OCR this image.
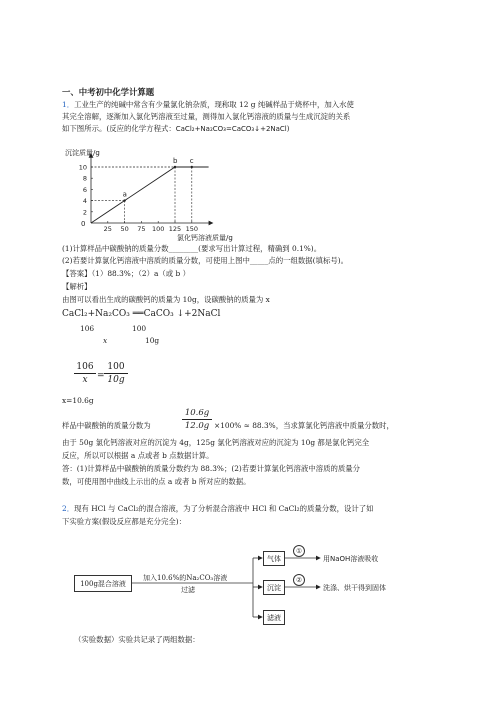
一、中考初中化学计算题
1．工业生产的纯碱中常含有少量氯化钠杂质，现称取 12 g 纯碱样品于烧杯中，加入水使
其完全溶解，逐渐加入氯化钙溶液至过量，测得加入氯化钙溶液的质量与生成沉淀的关系
如下图所示。(反应的化学方程式：CaCl₂+Na₂CO₃=CaCO₃↓+2NaCl)
沉淀质量/g
氯化钙溶液质量/g
0
25 50 75 100 125 150
2
4
6
8
10
a
b c
(1)计算样品中碳酸钠的质量分数________(要求写出计算过程，精确到 0.1%)。
(2)若要计算氯化钙溶液中溶质的质量分数，可使用上图中_____点的一组数据(填标号)。
【答案】（1）88.3%；（2）a（或 b ）
【解析】
由图可以看出生成的碳酸钙的质量为 10g，设碳酸钠的质量为 x
CaCl₂+Na₂CO₃ ══CaCO₃ ↓+2NaCl
106	100
x	10g
106
x =
100
10g
x=10.6g
样品中碳酸钠的质量分数为
10.6g
12.0g ×100% ≈ 88.3%，当求算氯化钙溶液中质量分数时，
由于 50g 氯化钙溶液对应的沉淀为 4g，125g 氯化钙溶液对应的沉淀为 10g 都是氯化钙完全
反应，所以可以根据 a 点或者 b 点数据计算。
答：(1)计算样品中碳酸钠的质量分数约为 88.3%；(2)若要计算氯化钙溶液中溶质的质量分
数，可使用图中曲线上示出的点 a 或者 b 所对应的数据。
2．现有 HCl 与 CaCl₂的混合溶液，为了分析混合溶液中 HCl 和 CaCl₂的质量分数，设计了如
下实验方案(假设反应都是充分完全)：
100g混合溶液
加入10.6%的Na₂CO₃溶液
过滤
气体
沉淀
滤液
①
②
用NaOH溶液吸收
洗涤、烘干得到固体
（实验数据）实验共记录了两组数据：
